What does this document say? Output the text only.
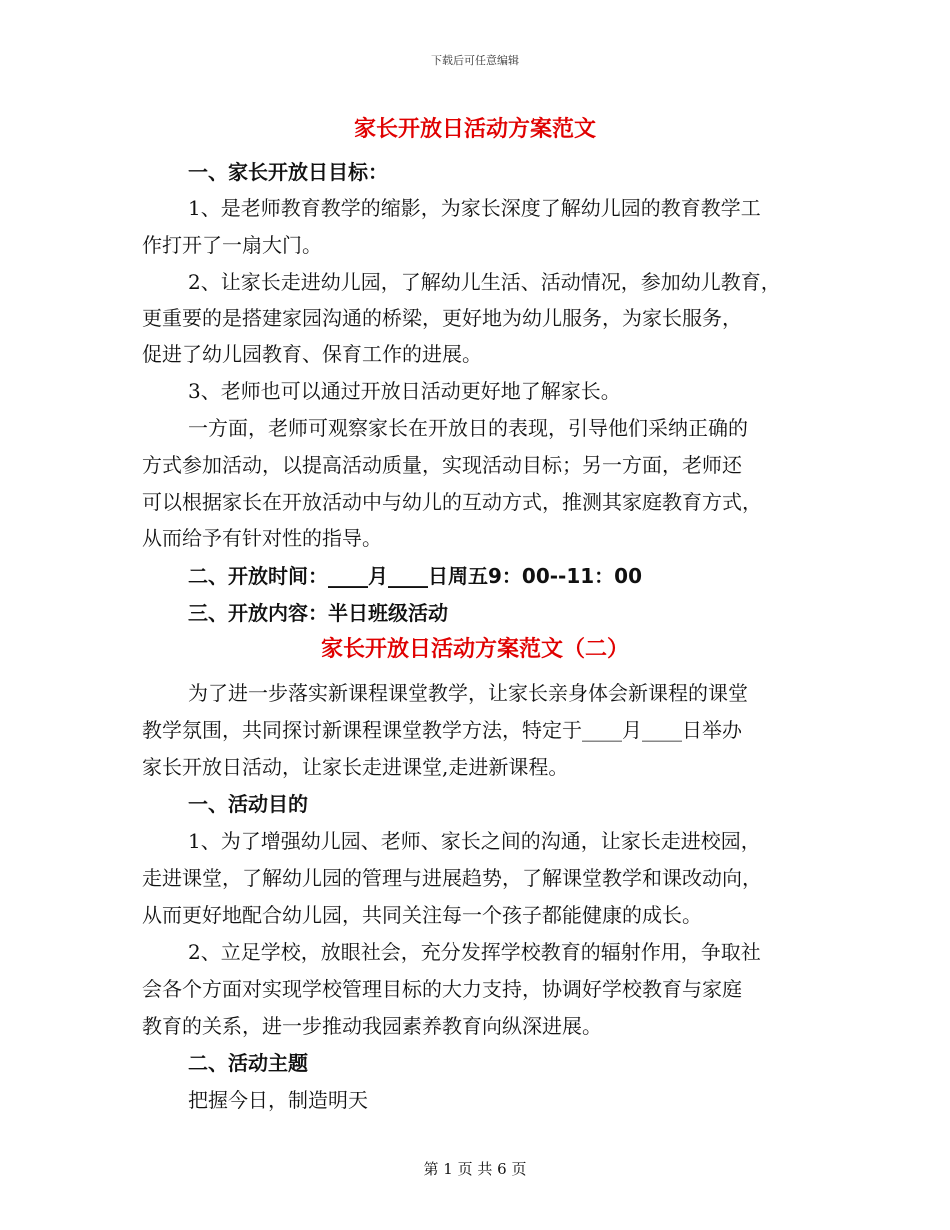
下载后可任意编辑
家长开放日活动方案范文
一、家长开放日目标：
1、是老师教育教学的缩影，为家长深度了解幼儿园的教育教学工
作打开了一扇大门。
2、让家长走进幼儿园，了解幼儿生活、活动情况，参加幼儿教育，
更重要的是搭建家园沟通的桥梁，更好地为幼儿服务，为家长服务，
促进了幼儿园教育、保育工作的进展。
3、老师也可以通过开放日活动更好地了解家长。
一方面，老师可观察家长在开放日的表现，引导他们采纳正确的
方式参加活动，以提高活动质量，实现活动目标；另一方面，老师还
可以根据家长在开放活动中与幼儿的互动方式，推测其家庭教育方式，
从而给予有针对性的指导。
二、开放时间：____月____日周五9：00--11：00
三、开放内容：半日班级活动
家长开放日活动方案范文（二）
为了进一步落实新课程课堂教学，让家长亲身体会新课程的课堂
教学氛围，共同探讨新课程课堂教学方法，特定于____月____日举办
家长开放日活动，让家长走进课堂,走进新课程。
一、活动目的
1、为了增强幼儿园、老师、家长之间的沟通，让家长走进校园，
走进课堂，了解幼儿园的管理与进展趋势，了解课堂教学和课改动向，
从而更好地配合幼儿园，共同关注每一个孩子都能健康的成长。
2、立足学校，放眼社会，充分发挥学校教育的辐射作用，争取社
会各个方面对实现学校管理目标的大力支持，协调好学校教育与家庭
教育的关系，进一步推动我园素养教育向纵深进展。
二、活动主题
把握今日，制造明天
第 1 页 共 6 页
